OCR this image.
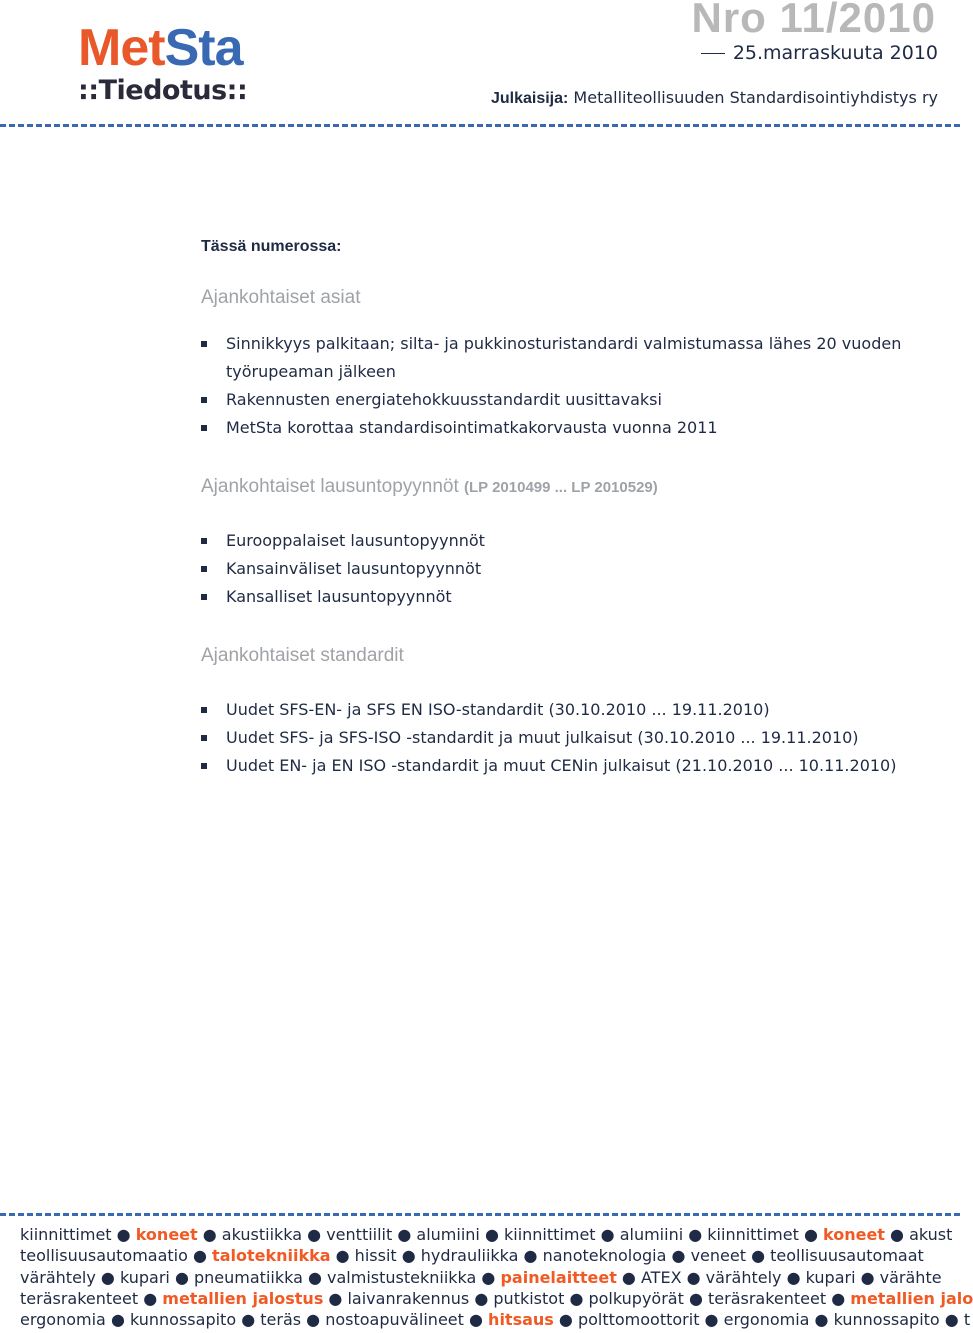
MetSta
::Tiedotus::
Nro 11/2010
25.marraskuuta 2010
Julkaisija: Metalliteollisuuden Standardisointiyhdistys ry
Tässä numerossa:
Ajankohtaiset asiat
Sinnikkyys palkitaan; silta- ja pukkinosturistandardi valmistumassa lähes 20 vuoden työrupeaman jälkeen
Rakennusten energiatehokkuusstandardit uusittavaksi
MetSta korottaa standardisointimatkakorvausta vuonna 2011
Ajankohtaiset lausuntopyynnöt (LP 2010499 ... LP 2010529)
Eurooppalaiset lausuntopyynnöt
Kansainväliset lausuntopyynnöt
Kansalliset lausuntopyynnöt
Ajankohtaiset standardit
Uudet SFS-EN- ja SFS EN ISO-standardit (30.10.2010 ... 19.11.2010)
Uudet SFS- ja SFS-ISO -standardit ja muut julkaisut (30.10.2010 ... 19.11.2010)
Uudet EN- ja EN ISO -standardit ja muut CENin julkaisut (21.10.2010 ... 10.11.2010)
kiinnittimet ● koneet ● akustiikka ● venttiilit ● alumiini ● kiinnittimet ● alumiini ● kiinnittimet ● koneet ● akust
teollisuusautomaatio ● talotekniikka ● hissit ● hydrauliikka ● nanoteknologia ● veneet ● teollisuusautomaat
värähtely ● kupari ● pneumatiikka ● valmistustekniikka ● painelaitteet ● ATEX ● värähtely ● kupari ● värähte
teräsrakenteet ● metallien jalostus ● laivanrakennus ● putkistot ● polkupyörät ● teräsrakenteet ● metallien jalo
ergonomia ● kunnossapito ● teräs ● nostoapuvälineet ● hitsaus ● polttomoottorit ● ergonomia ● kunnossapito ● t
